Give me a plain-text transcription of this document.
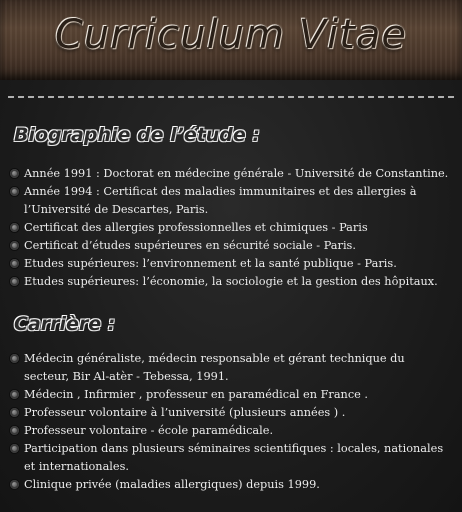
Curriculum Vitae
Biographie de l’étude :
Année 1991 : Doctorat en médecine générale - Université de Constantine.
Année 1994 : Certificat des maladies immunitaires et des allergies à l’Université de Descartes, Paris.
Certificat des allergies professionnelles et chimiques - Paris
Certificat d’études supérieures en sécurité sociale - Paris.
Etudes supérieures: l’environnement et la santé publique - Paris.
Etudes supérieures: l’économie, la sociologie et la gestion des hôpitaux.
Carrière :
Médecin généraliste, médecin responsable et gérant technique du secteur, Bir Al-atèr - Tebessa, 1991.
Médecin , Infirmier , professeur en paramédical en France .
Professeur volontaire à l’université (plusieurs années ) .
Professeur volontaire - école paramédicale.
Participation dans plusieurs séminaires scientifiques : locales, nationales et internationales.
Clinique privée (maladies allergiques) depuis 1999.
